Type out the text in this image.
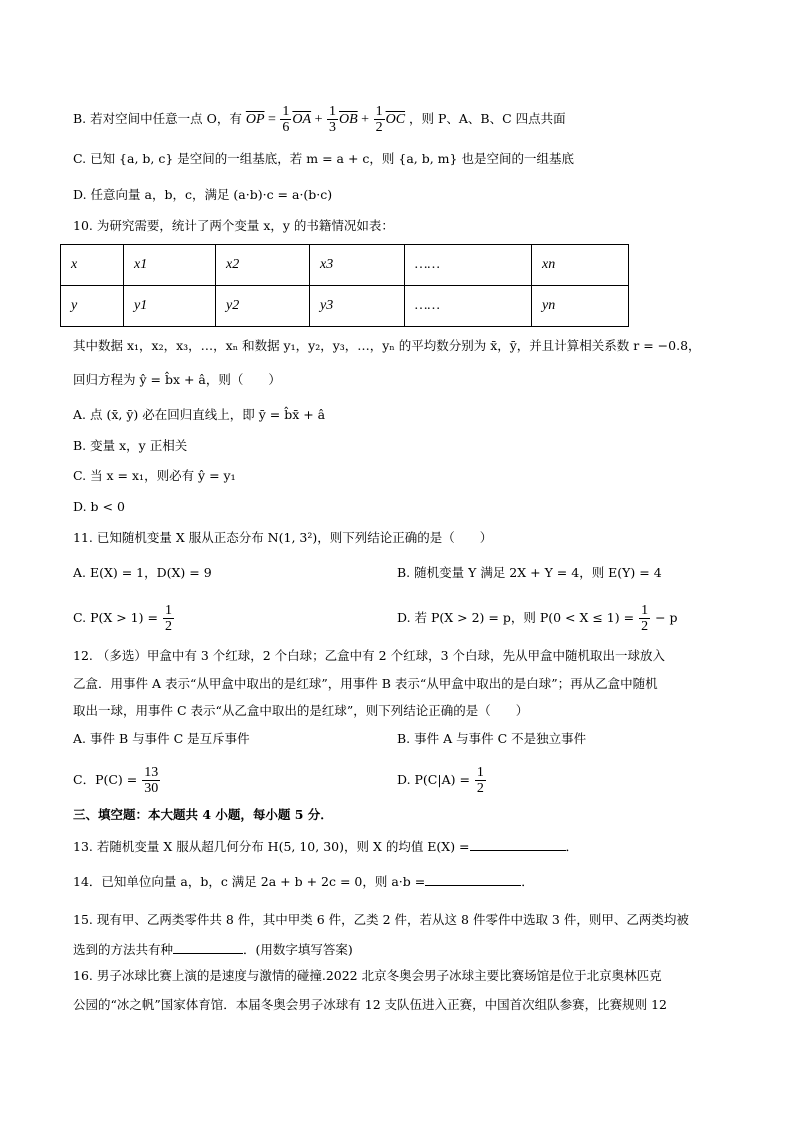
B. 若对空间中任意一点 O，有 $\overline{OP} = \frac{1}{6} \overline{OA} + \frac{1}{3} \overline{OB} + \frac{1}{2} \overline{OC}$ ，则 P、A、B、C 四点共面
C. 已知 {a, b, c} 是空间的一组基底，若 m = a + c，则 {a, b, m} 也是空间的一组基底
D. 任意向量 a，b，c，满足 (a·b)·c = a·(b·c)
10. 为研究需要，统计了两个变量 x，y 的书籍情况如表：
x	x1	x2	x3	……	xn
y	y1	y2	y3	……	yn
其中数据 x₁，x₂，x₃，…，xₙ 和数据 y₁，y₂，y₃，…，yₙ 的平均数分别为 x̄，ȳ，并且计算相关系数 r = −0.8，
回归方程为 ŷ = b̂x + â，则（　　）
A. 点 (x̄, ȳ) 必在回归直线上，即 ȳ = b̂x̄ + â
B. 变量 x，y 正相关
C. 当 x = x₁，则必有 ŷ = y₁
D. b < 0
11. 已知随机变量 X 服从正态分布 N(1, 3²)，则下列结论正确的是（　　）
A. E(X) = 1，D(X) = 9	B. 随机变量 Y 满足 2X + Y = 4，则 E(Y) = 4
C. $P(X > 1) = \frac{1}{2}$	D. 若 P(X > 2) = p，则 $P(0 < X \le 1) = \frac{1}{2} - p$
12. （多选）甲盒中有 3 个红球，2 个白球；乙盒中有 2 个红球，3 个白球，先从甲盒中随机取出一球放入
乙盒．用事件 A 表示“从甲盒中取出的是红球”，用事件 B 表示“从甲盒中取出的是白球”；再从乙盒中随机
取出一球，用事件 C 表示“从乙盒中取出的是红球”，则下列结论正确的是（　　）
A. 事件 B 与事件 C 是互斥事件	B. 事件 A 与事件 C 不是独立事件
C．$P(C) = \frac{13}{30}$	D. $P(C|A) = \frac{1}{2}$
三、填空题：本大题共 4 小题，每小题 5 分．
13. 若随机变量 X 服从超几何分布 H(5, 10, 30)，则 X 的均值 E(X) =	．
14．已知单位向量 a，b，c 满足 2a + b + 2c = 0，则 a·b =	．
15. 现有甲、乙两类零件共 8 件，其中甲类 6 件，乙类 2 件，若从这 8 件零件中选取 3 件，则甲、乙两类均被
选到的方法共有种	．(用数字填写答案)
16. 男子冰球比赛上演的是速度与激情的碰撞.2022 北京冬奥会男子冰球主要比赛场馆是位于北京奥林匹克
公园的“冰之帆”国家体育馆．本届冬奥会男子冰球有 12 支队伍进入正赛，中国首次组队参赛，比赛规则 12
